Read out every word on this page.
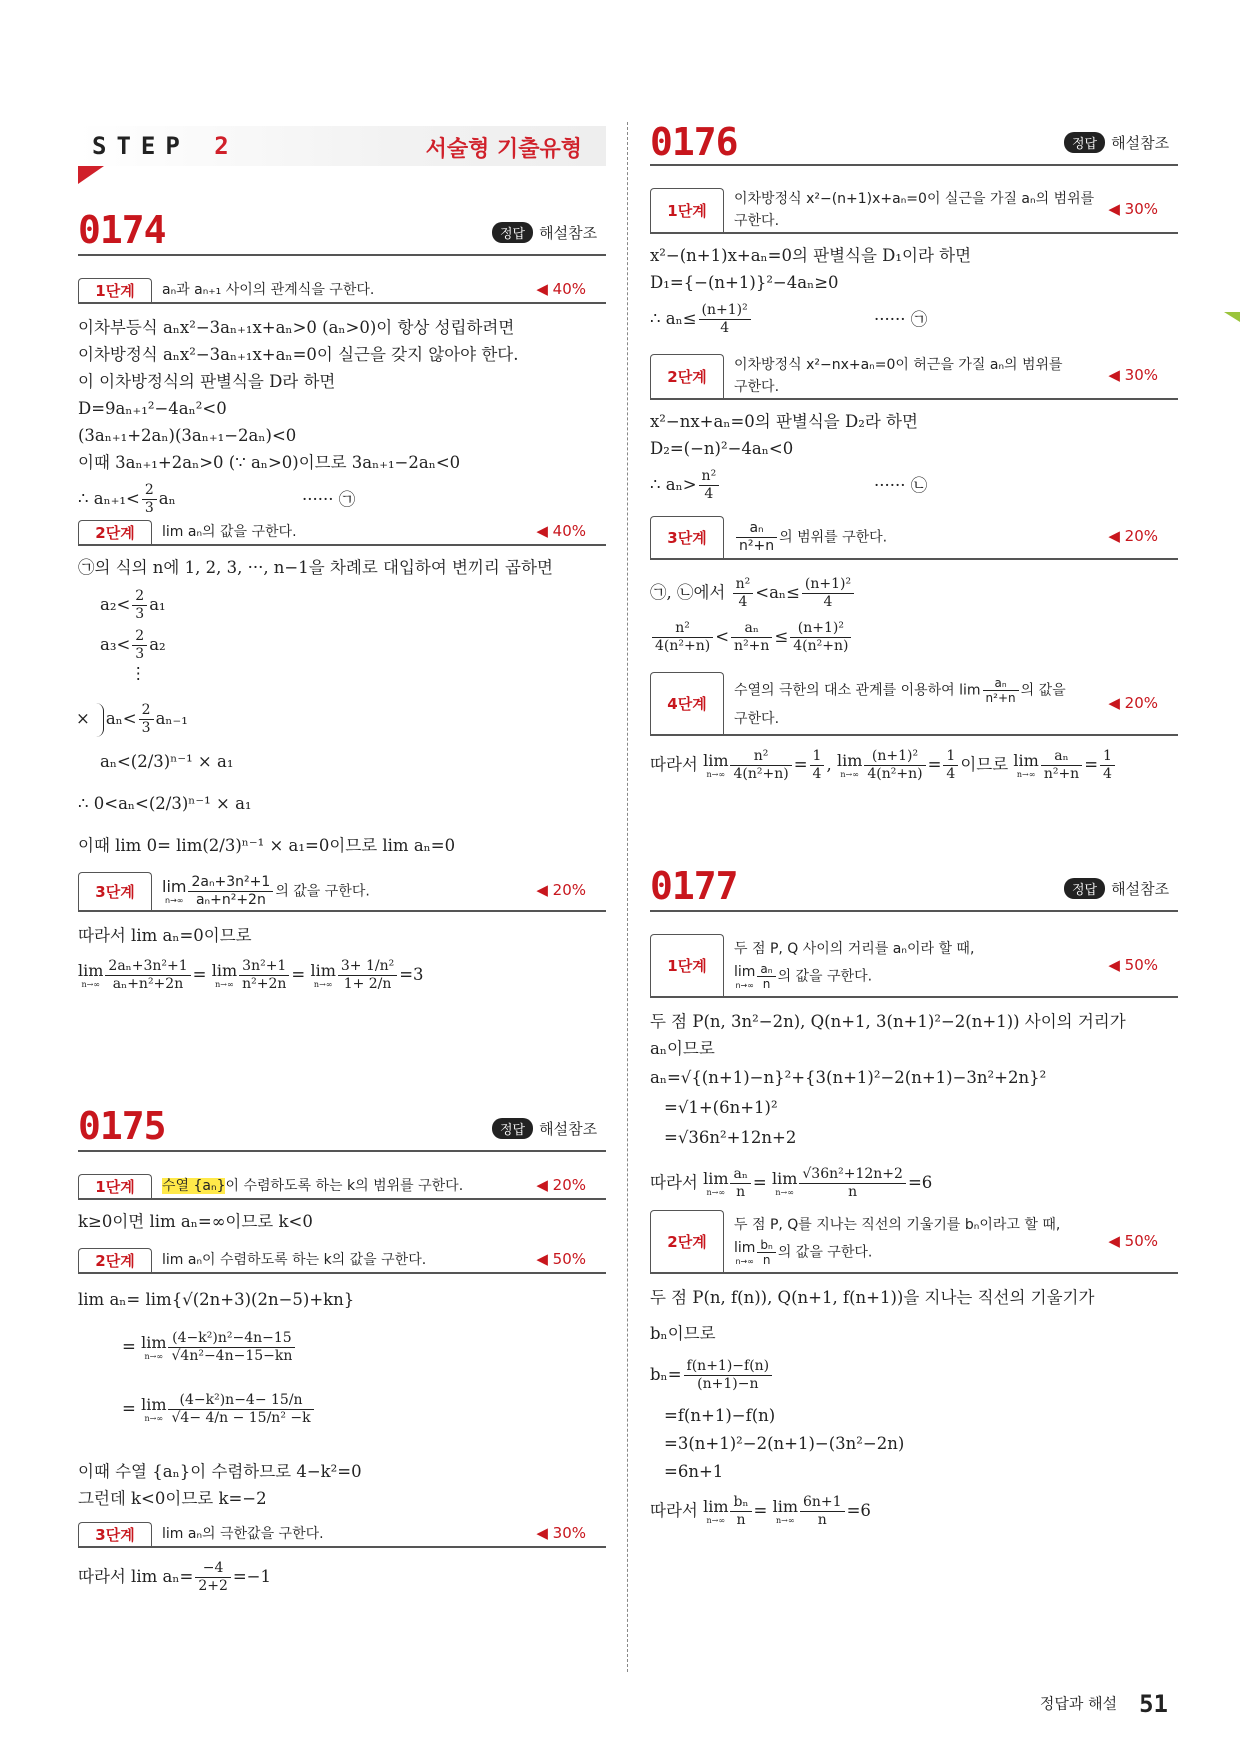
STEP 2	서술형 기출유형
0174	정답 해설참조
1단계	aₙ과 aₙ₊₁ 사이의 관계식을 구한다.	◀ 40%
이차부등식 aₙx²−3aₙ₊₁x+aₙ>0 (aₙ>0)이 항상 성립하려면
이차방정식 aₙx²−3aₙ₊₁x+aₙ=0이 실근을 갖지 않아야 한다.
이 이차방정식의 판별식을 D라 하면
D=9aₙ₊₁²−4aₙ²<0
(3aₙ₊₁+2aₙ)(3aₙ₊₁−2aₙ)<0
이때 3aₙ₊₁+2aₙ>0 (∵ aₙ>0)이므로 3aₙ₊₁−2aₙ<0
∴ $a_{n+1}< \frac{2}{3}$ aₙ	······ ㉠
2단계	lim aₙ의 값을 구한다.	◀ 40%
㉠의 식의 n에 1, 2, 3, ···, n−1을 차례로 대입하여 변끼리 곱하면
$a_2< \frac{2}{3} a_1$
$a_3< \frac{2}{3} a_2$
⋮
× $a_n< \frac{2}{3} a_{n-1}$
aₙ<(2/3)ⁿ⁻¹ × a₁
∴ 0<aₙ<(2/3)ⁿ⁻¹ × a₁
이때 lim 0= lim(2/3)ⁿ⁻¹ × a₁=0이므로 lim aₙ=0
3단계	lim
$n\to\infty \frac{\text{2aₙ+3n²+1}}{\text{aₙ+n²+2n}}$ 의 값을 구한다.	◀ 20%
따라서 lim aₙ=0이므로
lim
$n\to\infty \frac{\text{2aₙ+3n²+1}}{\text{aₙ+n²+2n}} = \lim$
$n\to\infty \frac{\text{3n²+1}}{\text{n²+2n}} = \lim$
$n\to\infty \frac{\text{3+ 1/n²}}{1+ 2/n} =3$
0175	정답 해설참조
1단계	수열 {aₙ}이 수렴하도록 하는 k의 범위를 구한다.	◀ 20%
k≥0이면 lim aₙ=∞이므로 k<0
2단계	lim aₙ이 수렴하도록 하는 k의 값을 구한다.	◀ 50%
lim aₙ= lim{√(2n+3)(2n−5)+kn}
= lim
$n\to\infty \frac{\text{(4−k²)n²−4n−15}}{\text{√4n²−4n−15−kn}}$
= lim
$n\to\infty \frac{\text{(4−k²)n−4− 15/n}}{\text{√4− 4/n − 15/n² −k}}$
이때 수열 {aₙ}이 수렴하므로 4−k²=0
그런데 k<0이므로 k=−2
3단계	lim aₙ의 극한값을 구한다.	◀ 30%
따라서 $\lim a_n= \frac{-4}{2+2} =-1$
0176	정답 해설참조
1단계
이차방정식 x²−(n+1)x+aₙ=0이 실근을 가질 aₙ의 범위를
구한다.
◀ 30%
x²−(n+1)x+aₙ=0의 판별식을 D₁이라 하면
D₁={−(n+1)}²−4aₙ≥0
∴ $a_n\le \frac{\text{(n+1)²}}{4}$	······ ㉠
2단계
이차방정식 x²−nx+aₙ=0이 허근을 가질 aₙ의 범위를
구한다.
◀ 30%
x²−nx+aₙ=0의 판별식을 D₂라 하면
D₂=(−n)²−4aₙ<0
∴ $a_n> \frac{\text{n²}}{4}$	······ ㉡
3단계	$\frac{\text{aₙ}}{\text{n²+n}}$ 의 범위를 구한다.	◀ 20%
㉠, ㉡에서 $\frac{\text{n²}}{4} <a_n\le \frac{\text{(n+1)²}}{4}$
$\frac{\text{n²}}{\text{4(n²+n)}} < \frac{\text{aₙ}}{\text{n²+n}} \le \frac{\text{(n+1)²}}{\text{4(n²+n)}}$
4단계
수열의 극한의 대소 관계를 이용하여 $\lim \frac{\text{aₙ}}{\text{n²+n}}$ 의 값을
구한다.
◀ 20%
따라서 lim
$n\to\infty \frac{\text{n²}}{\text{4(n²+n)}} = \frac{1}{4}$ , lim
$n\to\infty \frac{\text{(n+1)²}}{\text{4(n²+n)}} = \frac{1}{4}$ 이므로 lim
$n\to\infty \frac{\text{aₙ}}{\text{n²+n}} = \frac{1}{4}$
0177	정답 해설참조
1단계
두 점 P, Q 사이의 거리를 aₙ이라 할 때,
lim
$n\to\infty \frac{\text{aₙ}}{n}$ 의 값을 구한다.
◀ 50%
두 점 P(n, 3n²−2n), Q(n+1, 3(n+1)²−2(n+1)) 사이의 거리가
aₙ이므로
aₙ=√{(n+1)−n}²+{3(n+1)²−2(n+1)−3n²+2n}²
=√1+(6n+1)²
=√36n²+12n+2
따라서 lim
$n\to\infty \frac{\text{aₙ}}{n} = \lim$
$n\to\infty \frac{\text{√36n²+12n+2}}{n} =6$
2단계
두 점 P, Q를 지나는 직선의 기울기를 bₙ이라고 할 때,
lim
$n\to\infty \frac{\text{bₙ}}{n}$ 의 값을 구한다.
◀ 50%
두 점 P(n, f(n)), Q(n+1, f(n+1))을 지나는 직선의 기울기가
bₙ이므로
$b_n= \frac{f(n+1)-f(n)}{(n+1)-n}$
=f(n+1)−f(n)
=3(n+1)²−2(n+1)−(3n²−2n)
=6n+1
따라서 lim
$n\to\infty \frac{\text{bₙ}}{n} = \lim$
$n\to\infty \frac{6n+1}{n} =6$
정답과 해설 51
